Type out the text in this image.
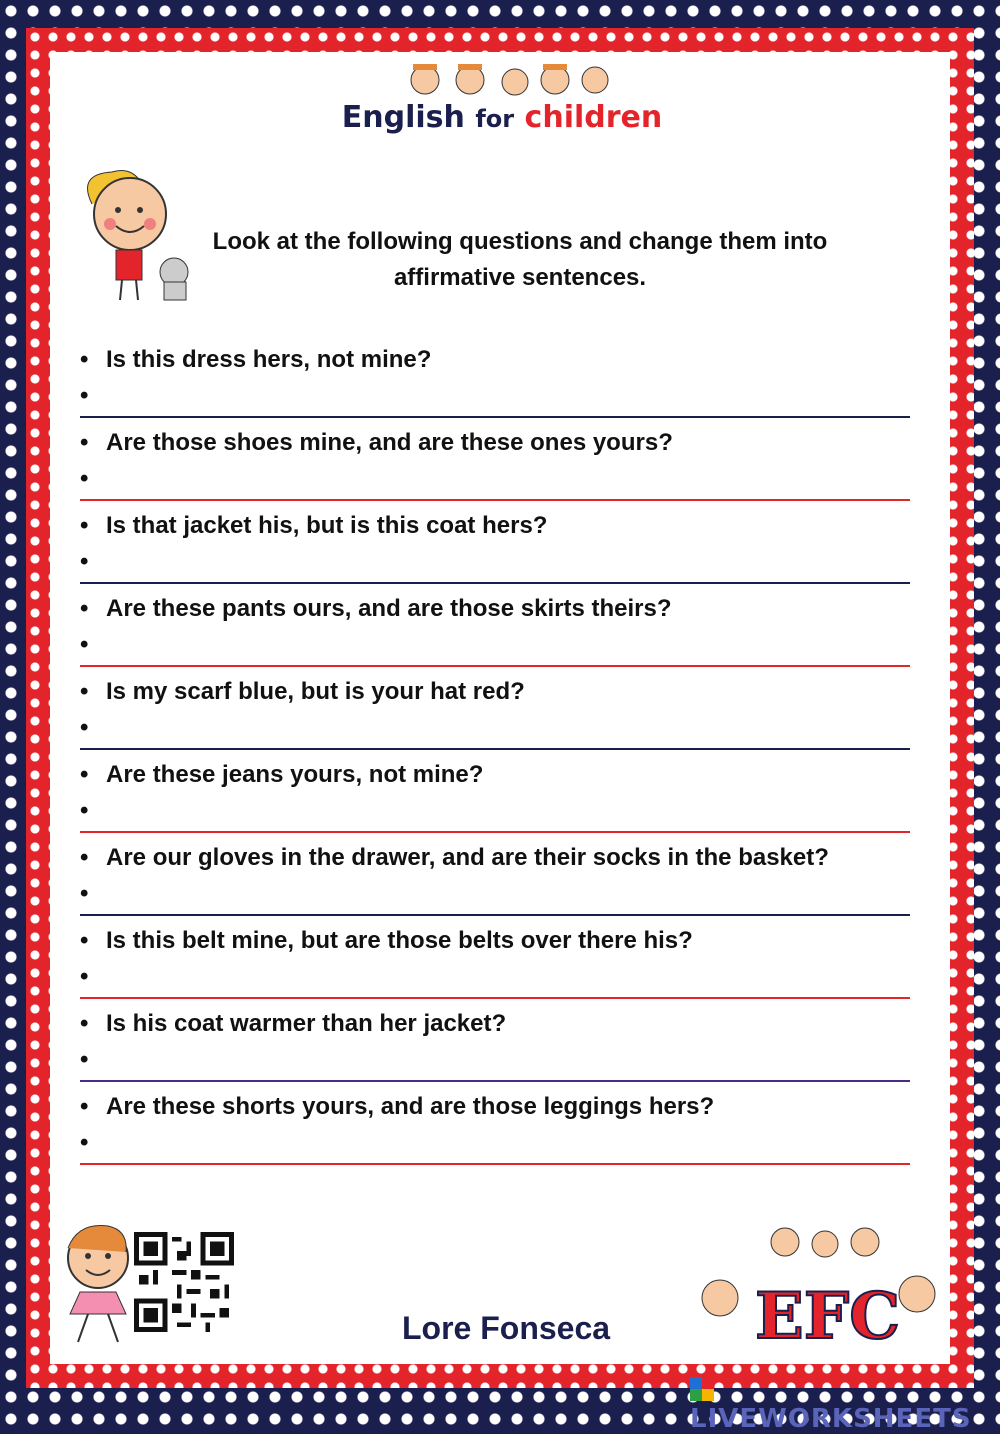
English for children
Look at the following questions and change them into affirmative sentences.
• Is this dress hers, not mine?
•
• Are those shoes mine, and are these ones yours?
•
• Is that jacket his, but is this coat hers?
•
• Are these pants ours, and are those skirts theirs?
•
• Is my scarf blue, but is your hat red?
•
• Are these jeans yours, not mine?
•
• Are our gloves in the drawer, and are their socks in the basket?
•
• Is this belt mine, but are those belts over there his?
•
• Is his coat warmer than her jacket?
•
• Are these shorts yours, and are those leggings hers?
•
Lore Fonseca EFC
LIVEWORKSHEETS
